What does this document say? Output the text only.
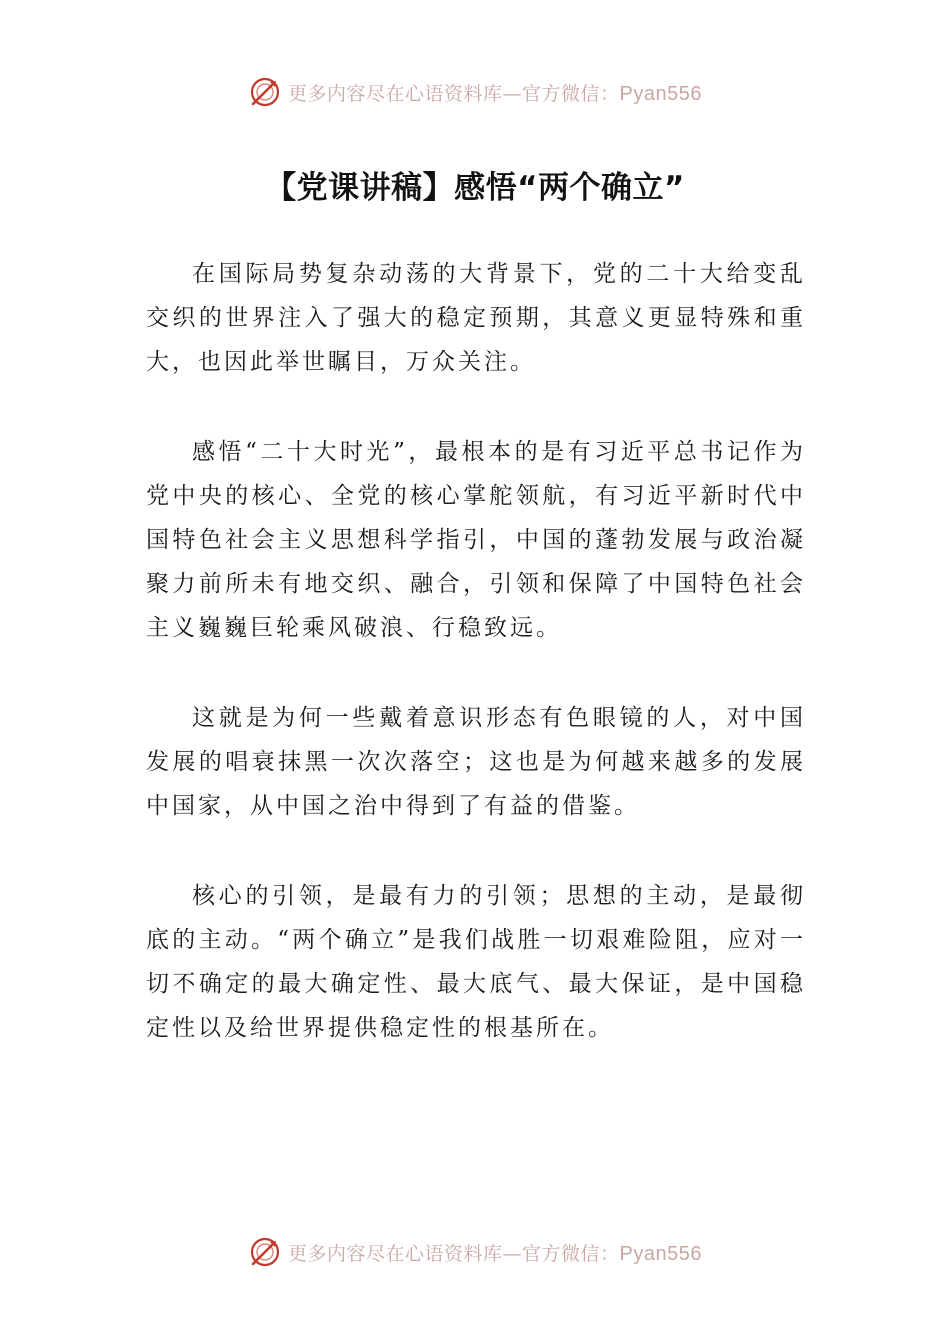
更多内容尽在心语资料库—官方微信：Pyan556
【党课讲稿】感悟“两个确立”

在国际局势复杂动荡的大背景下，党的二十大给变乱交织的世界注入了强大的稳定预期，其意义更显特殊和重大，也因此举世瞩目，万众关注。

感悟“二十大时光”，最根本的是有习近平总书记作为党中央的核心、全党的核心掌舵领航，有习近平新时代中国特色社会主义思想科学指引，中国的蓬勃发展与政治凝聚力前所未有地交织、融合，引领和保障了中国特色社会主义巍巍巨轮乘风破浪、行稳致远。

这就是为何一些戴着意识形态有色眼镜的人，对中国发展的唱衰抹黑一次次落空；这也是为何越来越多的发展中国家，从中国之治中得到了有益的借鉴。

核心的引领，是最有力的引领；思想的主动，是最彻底的主动。“两个确立”是我们战胜一切艰难险阻，应对一切不确定的最大确定性、最大底气、最大保证，是中国稳定性以及给世界提供稳定性的根基所在。

更多内容尽在心语资料库—官方微信：Pyan556
